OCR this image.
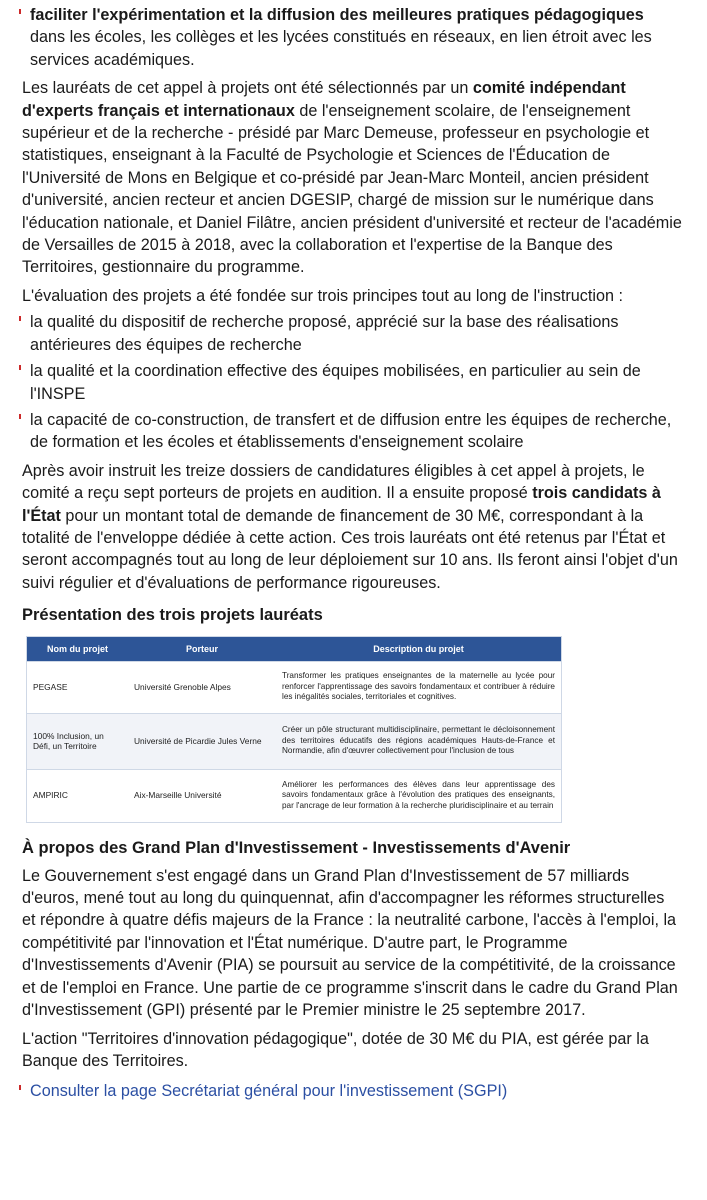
faciliter l'expérimentation et la diffusion des meilleures pratiques pédagogiques dans les écoles, les collèges et les lycées constitués en réseaux, en lien étroit avec les services académiques.

Les lauréats de cet appel à projets ont été sélectionnés par un comité indépendant d'experts français et internationaux de l'enseignement scolaire, de l'enseignement supérieur et de la recherche - présidé par Marc Demeuse, professeur en psychologie et statistiques, enseignant à la Faculté de Psychologie et Sciences de l'Éducation de l'Université de Mons en Belgique et co-présidé par Jean-Marc Monteil, ancien président d'université, ancien recteur et ancien DGESIP, chargé de mission sur le numérique dans l'éducation nationale, et Daniel Filâtre, ancien président d'université et recteur de l'académie de Versailles de 2015 à 2018, avec la collaboration et l'expertise de la Banque des Territoires, gestionnaire du programme.

L'évaluation des projets a été fondée sur trois principes tout au long de l'instruction :

la qualité du dispositif de recherche proposé, apprécié sur la base des réalisations antérieures des équipes de recherche
la qualité et la coordination effective des équipes mobilisées, en particulier au sein de l'INSPE
la capacité de co-construction, de transfert et de diffusion entre les équipes de recherche, de formation et les écoles et établissements d'enseignement scolaire

Après avoir instruit les treize dossiers de candidatures éligibles à cet appel à projets, le comité a reçu sept porteurs de projets en audition. Il a ensuite proposé trois candidats à l'État pour un montant total de demande de financement de 30 M€, correspondant à la totalité de l'enveloppe dédiée à cette action. Ces trois lauréats ont été retenus par l'État et seront accompagnés tout au long de leur déploiement sur 10 ans. Ils feront ainsi l'objet d'un suivi régulier et d'évaluations de performance rigoureuses.

Présentation des trois projets lauréats
Nom du projet	Porteur	Description du projet
PEGASE	Université Grenoble Alpes	Transformer les pratiques enseignantes de la maternelle au lycée pour renforcer l'apprentissage des savoirs fondamentaux et contribuer à réduire les inégalités sociales, territoriales et cognitives.
100% Inclusion, un Défi, un Territoire	Université de Picardie Jules Verne	Créer un pôle structurant multidisciplinaire, permettant le décloisonnement des territoires éducatifs des régions académiques Hauts-de-France et Normandie, afin d'œuvrer collectivement pour l'inclusion de tous
AMPIRIC	Aix-Marseille Université	Améliorer les performances des élèves dans leur apprentissage des savoirs fondamentaux grâce à l'évolution des pratiques des enseignants, par l'ancrage de leur formation à la recherche pluridisciplinaire et au terrain
À propos des Grand Plan d'Investissement - Investissements d'Avenir

Le Gouvernement s'est engagé dans un Grand Plan d'Investissement de 57 milliards d'euros, mené tout au long du quinquennat, afin d'accompagner les réformes structurelles et répondre à quatre défis majeurs de la France : la neutralité carbone, l'accès à l'emploi, la compétitivité par l'innovation et l'État numérique. D'autre part, le Programme d'Investissements d'Avenir (PIA) se poursuit au service de la compétitivité, de la croissance et de l'emploi en France. Une partie de ce programme s'inscrit dans le cadre du Grand Plan d'Investissement (GPI) présenté par le Premier ministre le 25 septembre 2017.

L'action "Territoires d'innovation pédagogique", dotée de 30 M€ du PIA, est gérée par la Banque des Territoires.

Consulter la page Secrétariat général pour l'investissement (SGPI)
